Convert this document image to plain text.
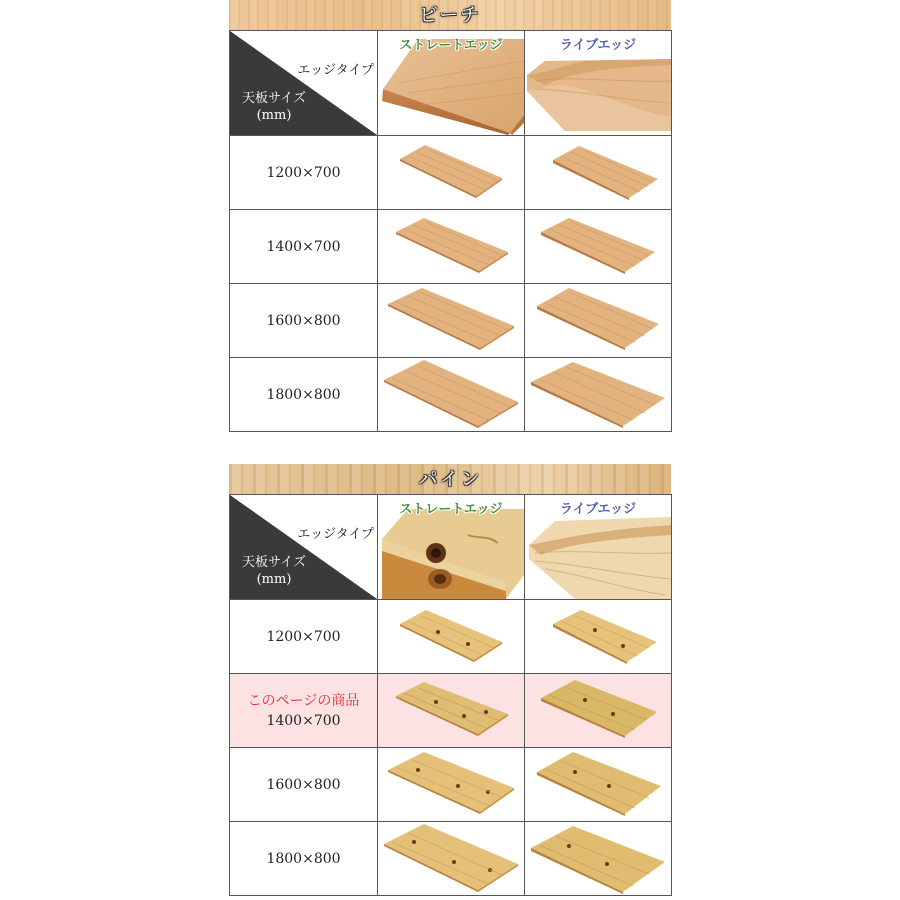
ビーチ
エッジタイプ
天板サイズ
(mm)	ストレートエッジ	ライブエッジ

1200×700

1400×700

1600×800

1800×800

パイン
エッジタイプ
天板サイズ
(mm)	ストレートエッジ	ライブエッジ

1200×700

このページの商品
1400×700

1600×800

1800×800
